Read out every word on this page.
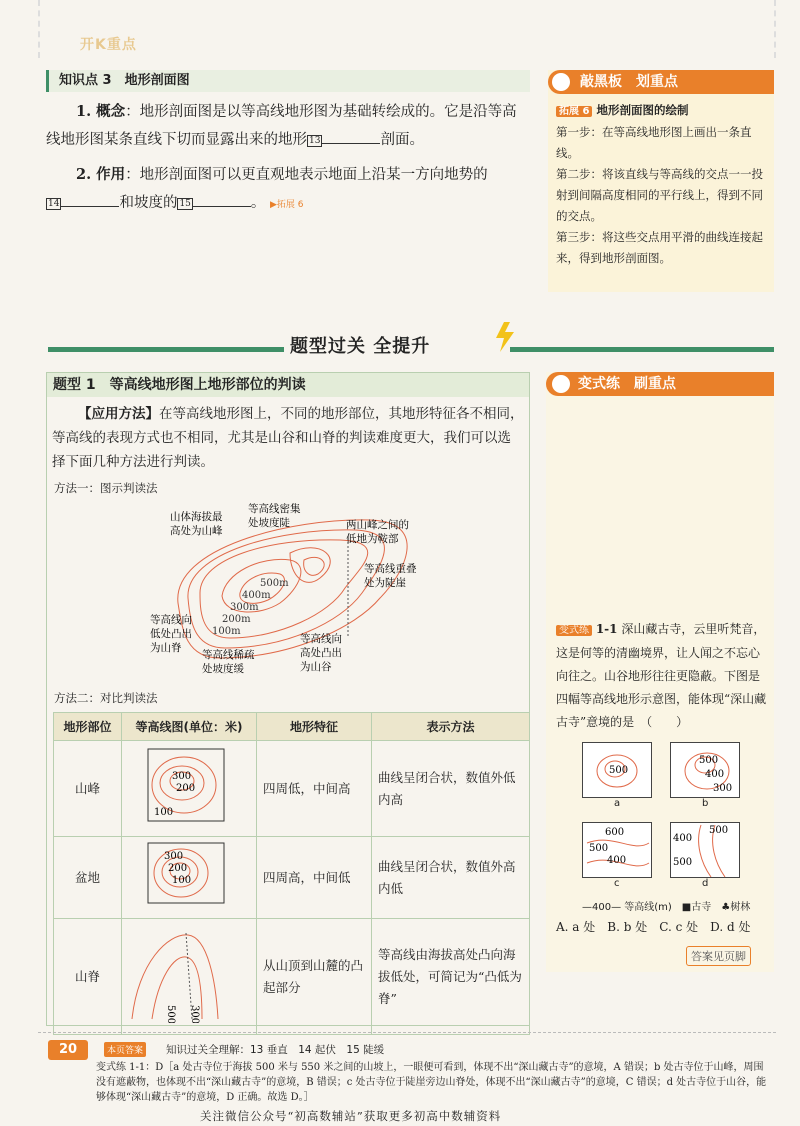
开K重点
知识点 3　地形剖面图
1. 概念：地形剖面图是以等高线地形图为基础转绘成的。它是沿等高
线地形图某条直线下切而显露出来的地形 13	剖面。
2. 作用：地形剖面图可以更直观地表示地面上沿某一方向地势的
14	和坡度的 15	。 ▶拓展 6
敲黑板　划重点

拓展 6 地形剖面图的绘制

第一步：在等高线地形图上画出一条直线。

第二步：将该直线与等高线的交点一一投射到间隔高度相同的平行线上，得到不同的交点。

第三步：将这些交点用平滑的曲线连接起来，得到地形剖面图。

题型过关 全提升
题型 1　等高线地形图上地形部位的判读
【应用方法】在等高线地形图上，不同的地形部位，其地形特征各不相同，等高线的表现方式也不相同，尤其是山谷和山脊的判读难度更大，我们可以选择下面几种方法进行判读。
方法一：图示判读法
500m
400m
300m
200m
100m
山体海拔最
高处为山峰
等高线密集
处坡度陡	两山峰之间的
低地为鞍部
等高线重叠
处为陡崖
等高线向
低处凸出
为山脊
等高线稀疏
处坡度缓
等高线向
高处凸出
为山谷
方法二：对比判读法
地形部位	等高线图(单位：米)	地形特征	表示方法
山峰	300
200
100	四周低，中间高	曲线呈闭合状，数值外低内高
盆地	300
200
100	四周高，中间低	曲线呈闭合状，数值外高内低
山脊	500 300	从山顶到山麓的凸起部分	等高线由海拔高处凸向海拔低处，可简记为“凸低为脊”
变式练　刷重点
变式练 1-1 深山藏古寺，云里听梵音，这是何等的清幽境界，让人闻之不忘心向往之。山谷地形往往更隐蔽。下图是四幅等高线地形示意图，能体现“深山藏古寺”意境的是　（　　）
500
500
400
300
a	b
600
500
400
500
400
500
c	d
—400— 等高线(m)　■古寺　♣树林
A. a 处　B. b 处　C. c 处　D. d 处
答案见页脚
20	本页答案 知识过关全理解：13 垂直　14 起伏　15 陡缓
变式练 1-1：D［a 处古寺位于海拔 500 米与 550 米之间的山坡上，一眼便可看到，体现不出“深山藏古寺”的意境，A 错误；b 处古寺位于山峰，周围没有遮蔽物，也体现不出“深山藏古寺”的意境，B 错误；c 处古寺位于陡崖旁边山脊处，体现不出“深山藏古寺”的意境，C 错误；d 处古寺位于山谷，能够体现“深山藏古寺”的意境，D 正确。故选 D。］
关注微信公众号“初高数辅站”获取更多初高中数辅资料
